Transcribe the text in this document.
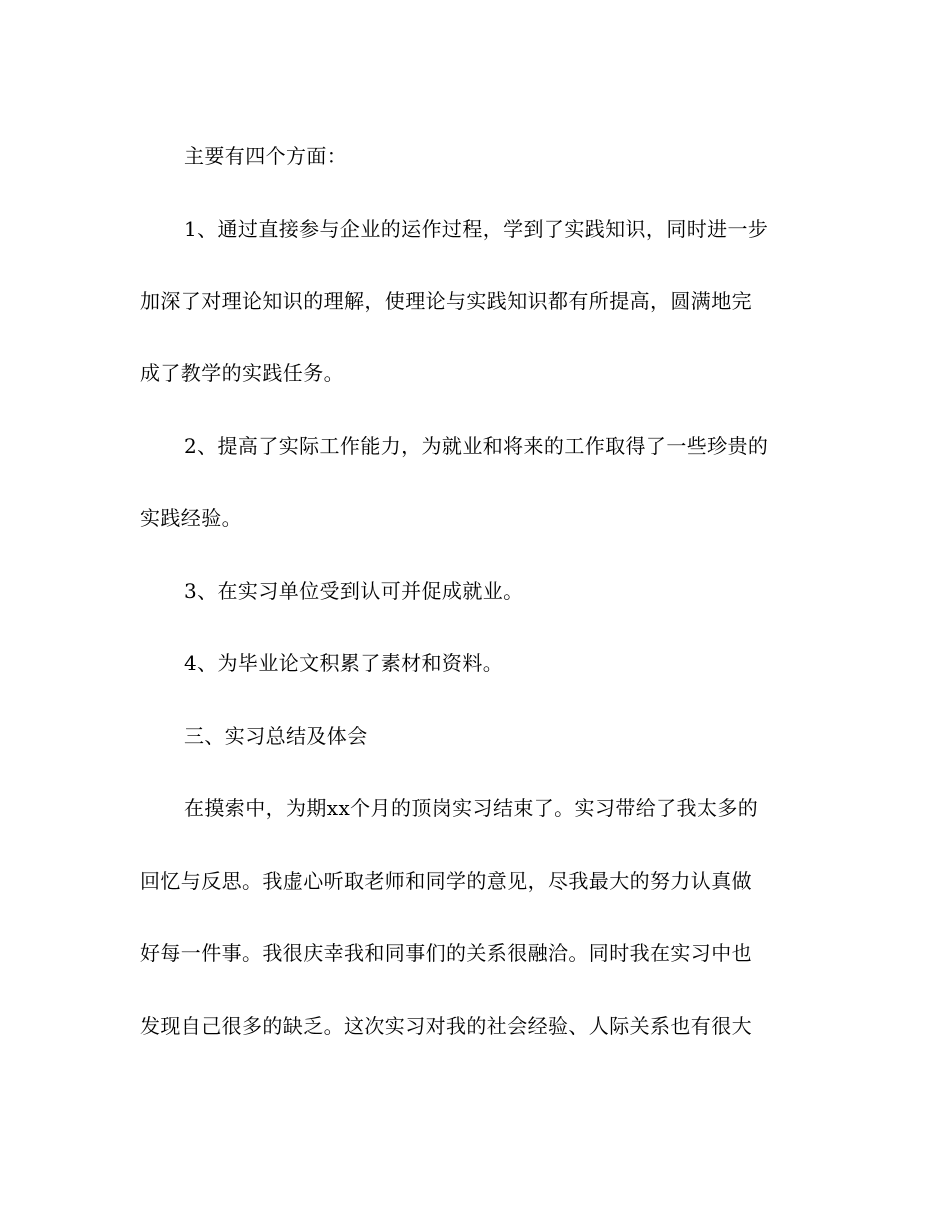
主要有四个方面：
1、通过直接参与企业的运作过程，学到了实践知识，同时进一步
加深了对理论知识的理解，使理论与实践知识都有所提高，圆满地完
成了教学的实践任务。
2、提高了实际工作能力，为就业和将来的工作取得了一些珍贵的
实践经验。
3、在实习单位受到认可并促成就业。
4、为毕业论文积累了素材和资料。
三、实习总结及体会
在摸索中，为期xx个月的顶岗实习结束了。实习带给了我太多的
回忆与反思。我虚心听取老师和同学的意见，尽我最大的努力认真做
好每一件事。我很庆幸我和同事们的关系很融洽。同时我在实习中也
发现自己很多的缺乏。这次实习对我的社会经验、人际关系也有很大
